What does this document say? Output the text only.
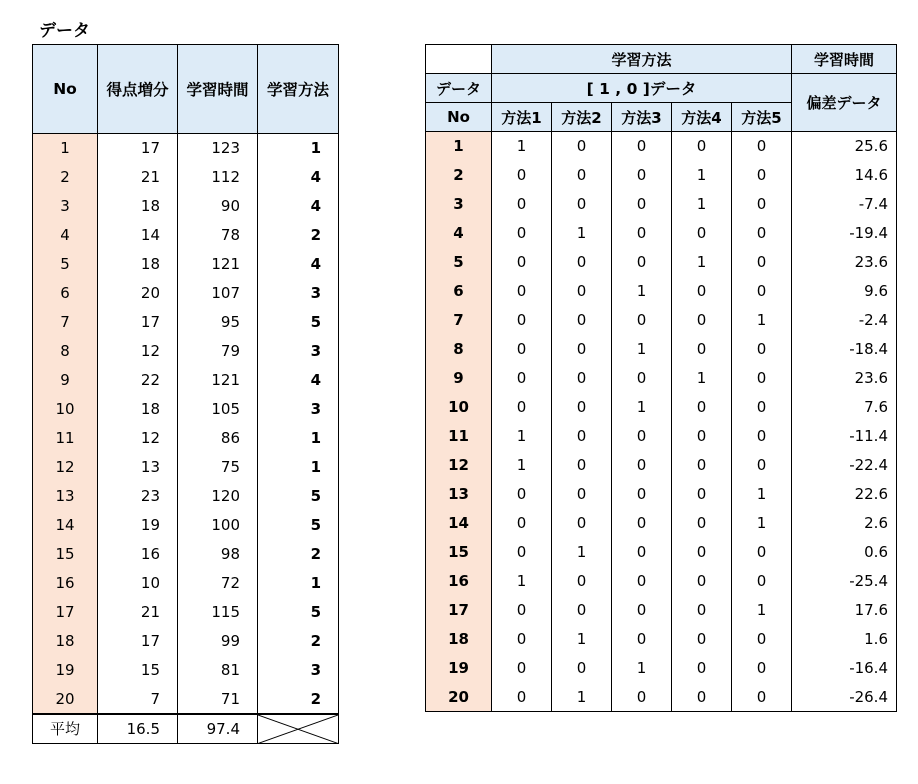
データ
No	得点増分	学習時間	学習方法
1	17	123	1
2	21	112	4
3	18	90	4
4	14	78	2
5	18	121	4
6	20	107	3
7	17	95	5
8	12	79	3
9	22	121	4
10	18	105	3
11	12	86	1
12	13	75	1
13	23	120	5
14	19	100	5
15	16	98	2
16	10	72	1
17	21	115	5
18	17	99	2
19	15	81	3
20	7	71	2
平均	16.5	97.4	
	学習方法					学習時間
データ	[ 1 , 0 ]データ					偏差データ
No	方法1	方法2	方法3	方法4	方法5	
1	1	0	0	0	0	25.6
2	0	0	0	1	0	14.6
3	0	0	0	1	0	-7.4
4	0	1	0	0	0	-19.4
5	0	0	0	1	0	23.6
6	0	0	1	0	0	9.6
7	0	0	0	0	1	-2.4
8	0	0	1	0	0	-18.4
9	0	0	0	1	0	23.6
10	0	0	1	0	0	7.6
11	1	0	0	0	0	-11.4
12	1	0	0	0	0	-22.4
13	0	0	0	0	1	22.6
14	0	0	0	0	1	2.6
15	0	1	0	0	0	0.6
16	1	0	0	0	0	-25.4
17	0	0	0	0	1	17.6
18	0	1	0	0	0	1.6
19	0	0	1	0	0	-16.4
20	0	1	0	0	0	-26.4
